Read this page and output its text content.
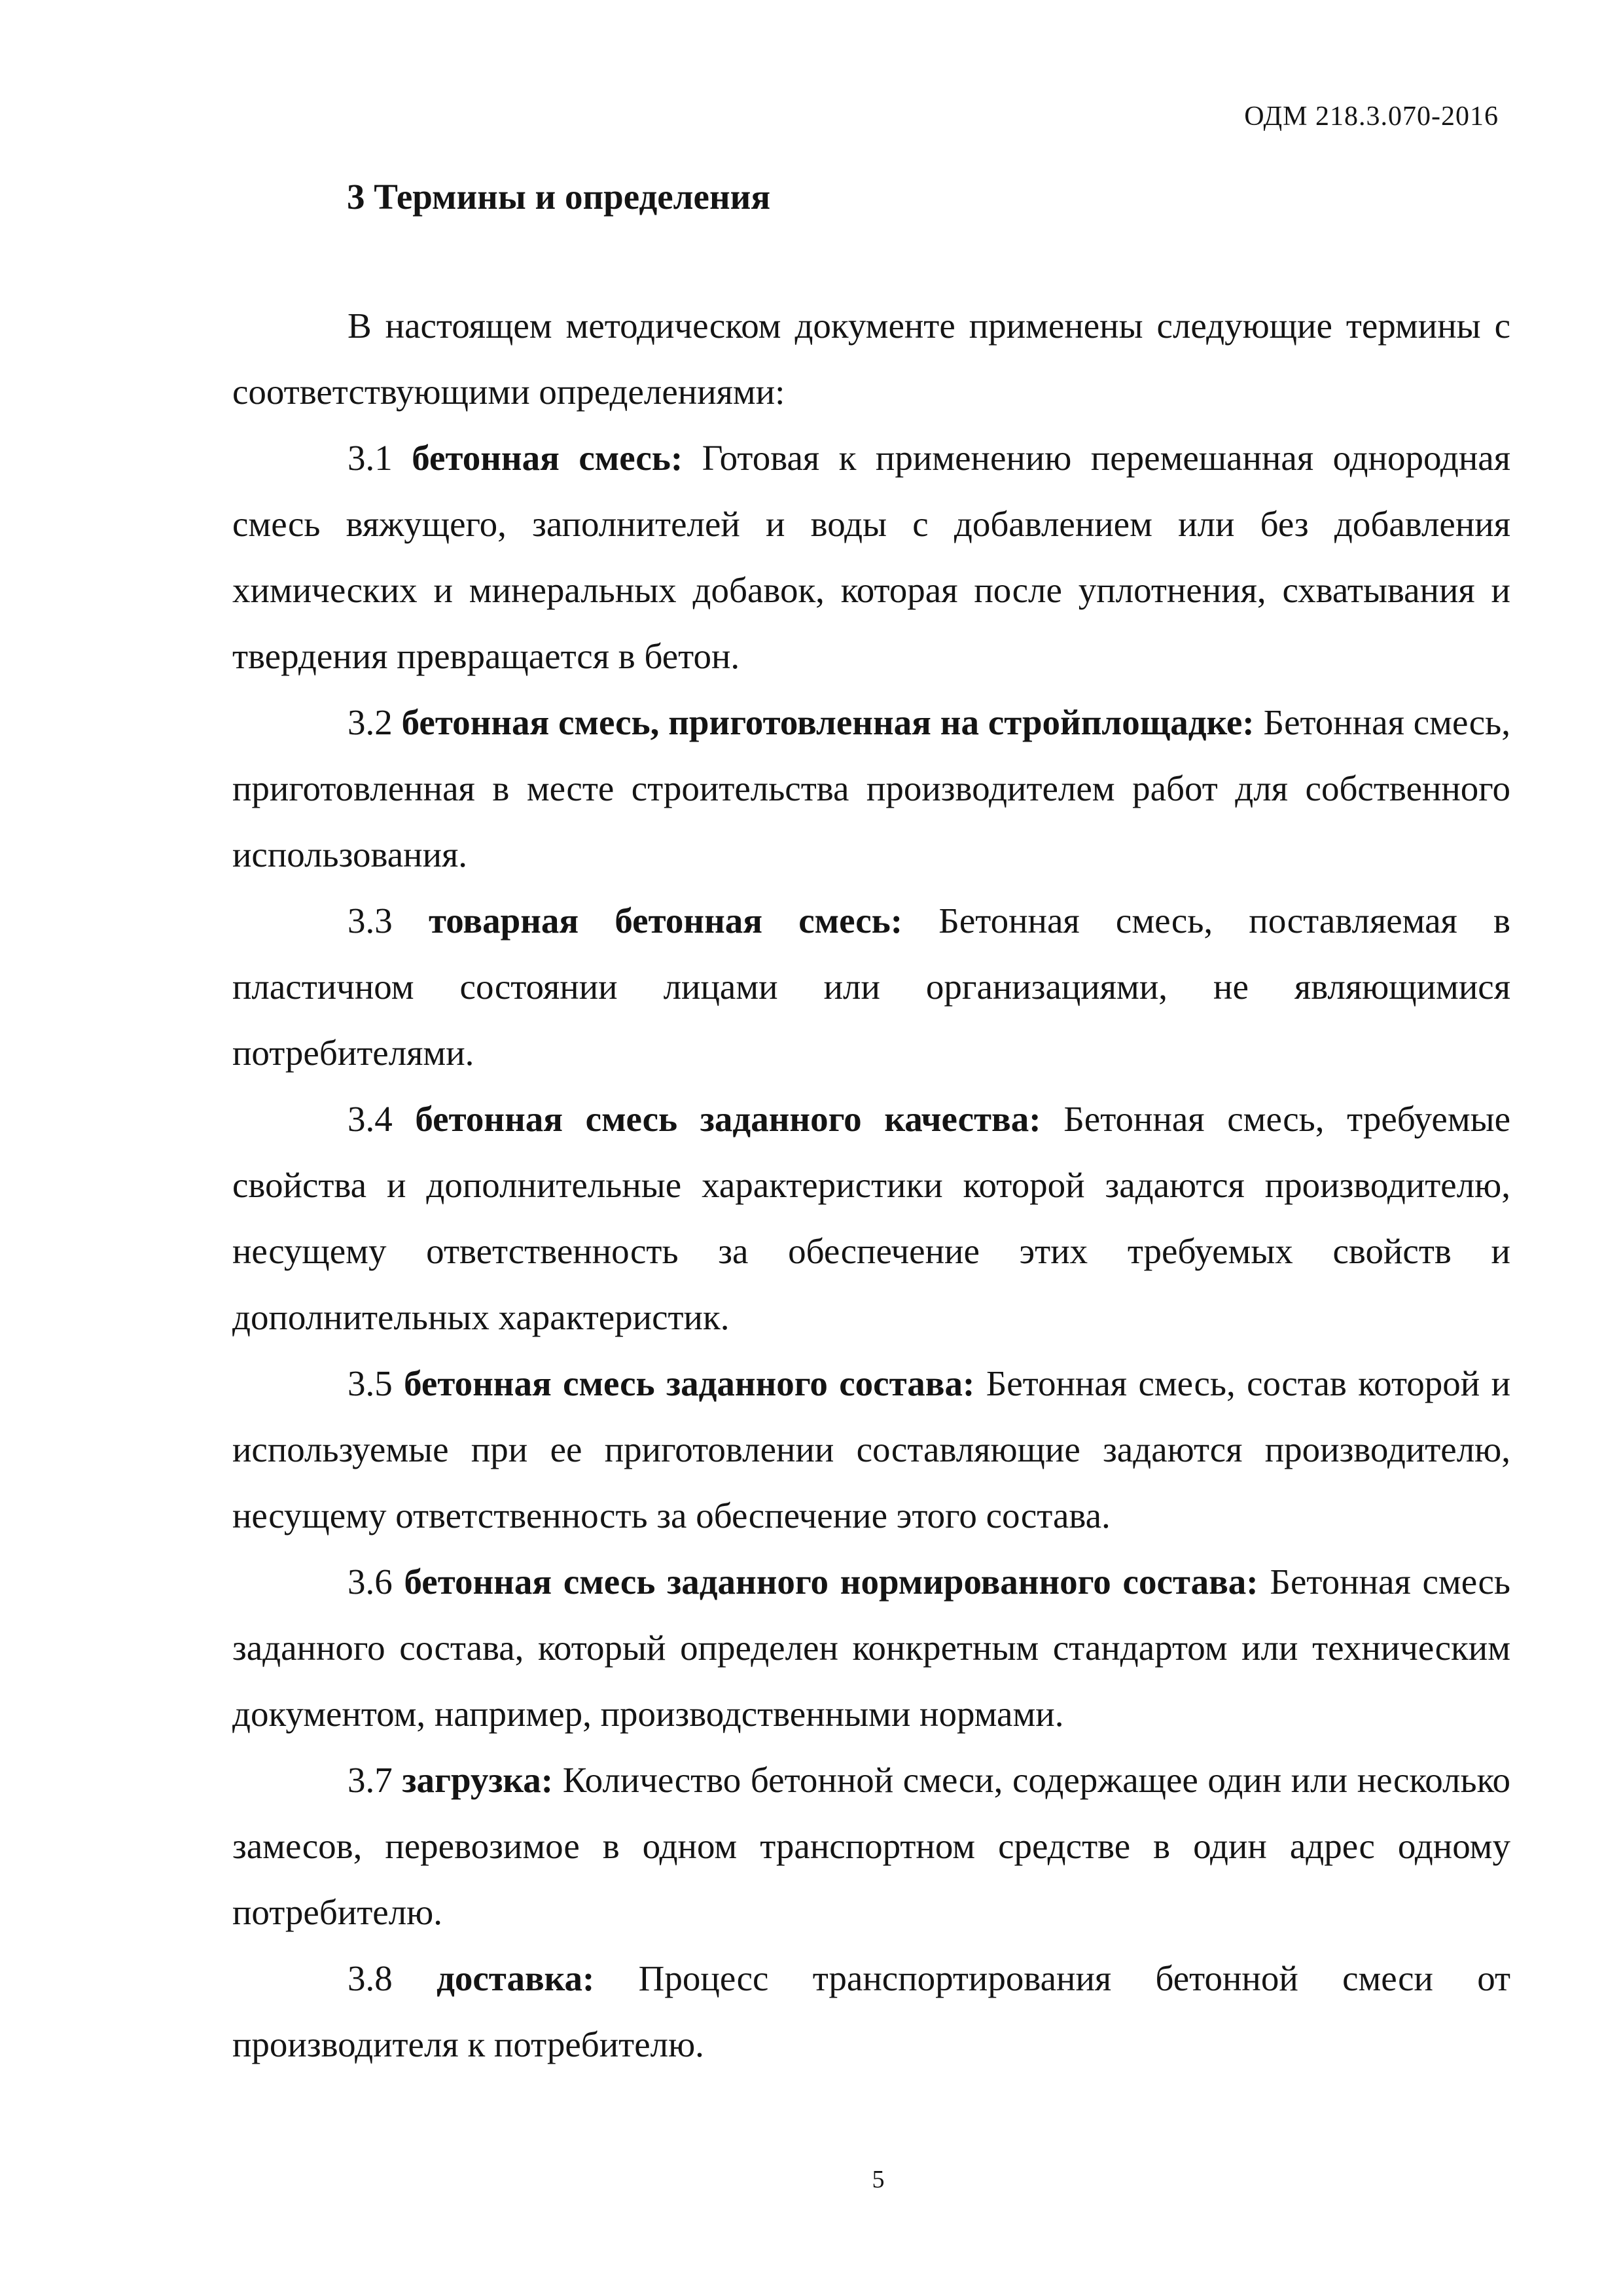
ОДМ 218.3.070-2016
3 Термины и определения

В настоящем методическом документе применены следующие термины с соответствующими определениями:

3.1 бетонная смесь: Готовая к применению перемешанная однородная смесь вяжущего, заполнителей и воды с добавлением или без добавления химических и минеральных добавок, которая после уплотнения, схватывания и твердения превращается в бетон.

3.2 бетонная смесь, приготовленная на стройплощадке: Бетонная смесь, приготовленная в месте строительства производителем работ для собственного использования.

3.3 товарная бетонная смесь: Бетонная смесь, поставляемая в пластичном состоянии лицами или организациями, не являющимися потребителями.

3.4 бетонная смесь заданного качества: Бетонная смесь, требуемые свойства и дополнительные характеристики которой задаются производителю, несущему ответственность за обеспечение этих требуемых свойств и дополнительных характеристик.

3.5 бетонная смесь заданного состава: Бетонная смесь, состав которой и используемые при ее приготовлении составляющие задаются производителю, несущему ответственность за обеспечение этого состава.

3.6 бетонная смесь заданного нормированного состава: Бетонная смесь заданного состава, который определен конкретным стандартом или техническим документом, например, производственными нормами.

3.7 загрузка: Количество бетонной смеси, содержащее один или несколько замесов, перевозимое в одном транспортном средстве в один адрес одному потребителю.

3.8 доставка: Процесс транспортирования бетонной смеси от производителя к потребителю.

5
